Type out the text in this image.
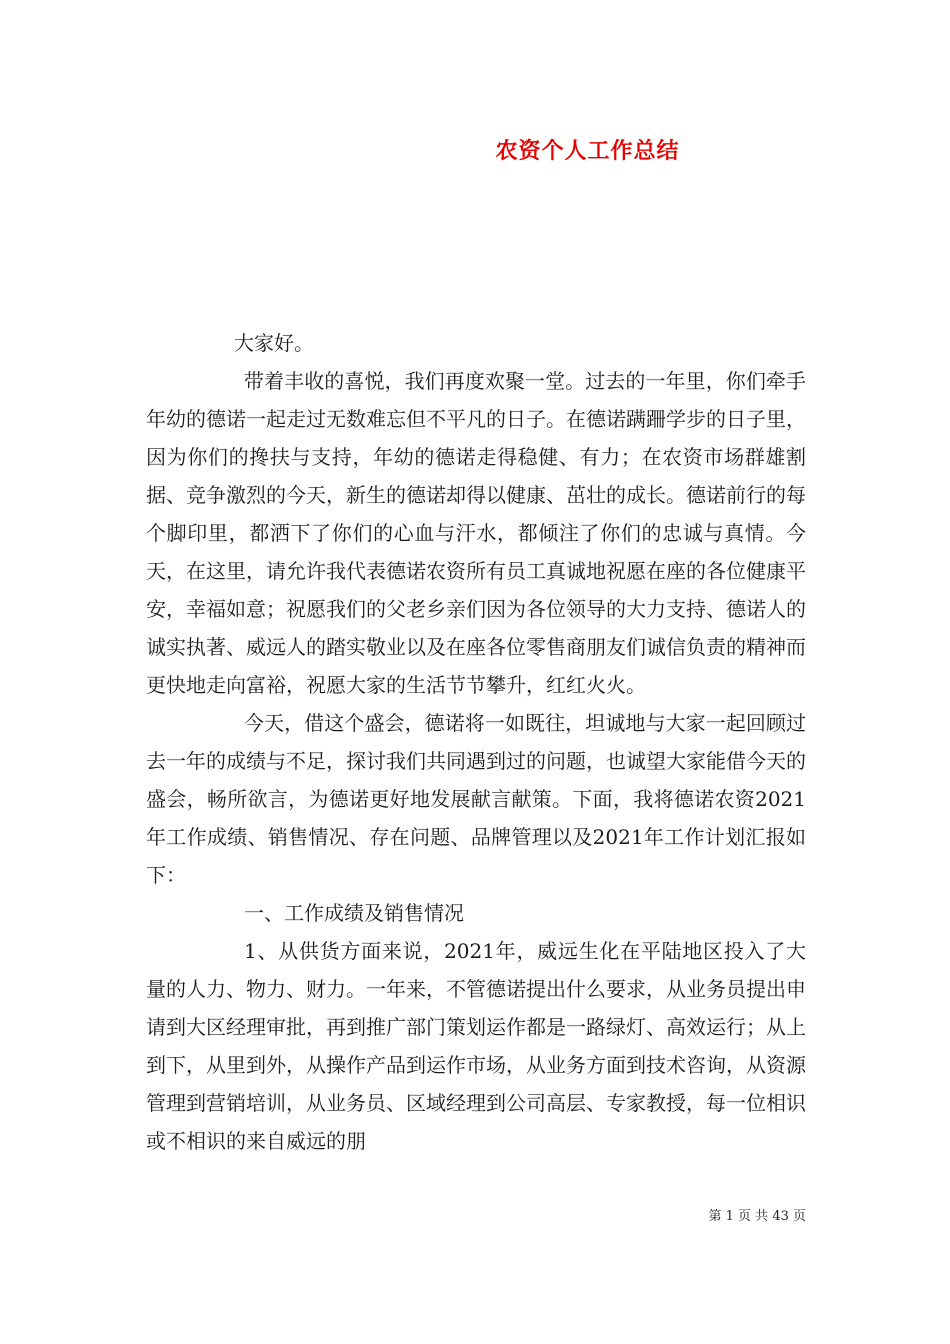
农资个人工作总结

大家好。

带着丰收的喜悦，我们再度欢聚一堂。过去的一年里，你们牵手年幼的德诺一起走过无数难忘但不平凡的日子。在德诺蹒跚学步的日子里，因为你们的搀扶与支持，年幼的德诺走得稳健、有力；在农资市场群雄割据、竞争激烈的今天，新生的德诺却得以健康、茁壮的成长。德诺前行的每个脚印里，都洒下了你们的心血与汗水，都倾注了你们的忠诚与真情。今天，在这里，请允许我代表德诺农资所有员工真诚地祝愿在座的各位健康平安，幸福如意；祝愿我们的父老乡亲们因为各位领导的大力支持、德诺人的诚实执著、威远人的踏实敬业以及在座各位零售商朋友们诚信负责的精神而更快地走向富裕，祝愿大家的生活节节攀升，红红火火。

今天，借这个盛会，德诺将一如既往，坦诚地与大家一起回顾过去一年的成绩与不足，探讨我们共同遇到过的问题，也诚望大家能借今天的盛会，畅所欲言，为德诺更好地发展献言献策。下面，我将德诺农资2021年工作成绩、销售情况、存在问题、品牌管理以及2021年工作计划汇报如下：

一、工作成绩及销售情况

1、从供货方面来说，2021年，威远生化在平陆地区投入了大量的人力、物力、财力。一年来，不管德诺提出什么要求，从业务员提出申请到大区经理审批，再到推广部门策划运作都是一路绿灯、高效运行；从上到下，从里到外，从操作产品到运作市场，从业务方面到技术咨询，从资源管理到营销培训，从业务员、区域经理到公司高层、专家教授，每一位相识或不相识的来自威远的朋

第 1 页 共 43 页
